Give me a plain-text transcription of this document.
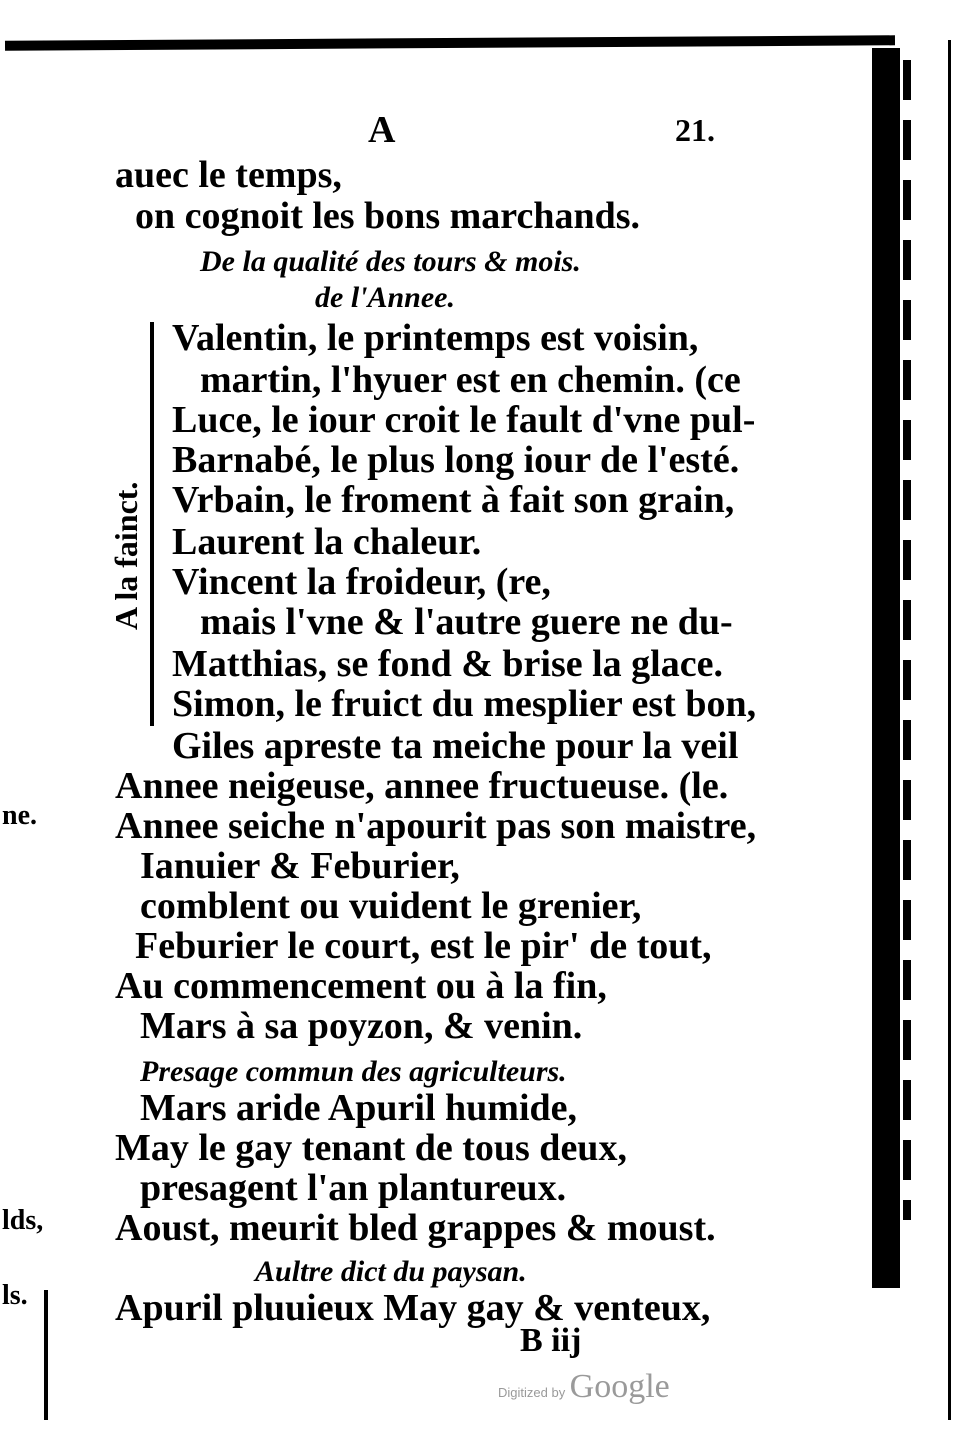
A	21.
A la fainct.
ne.
lds,
ls.
auec le temps,
on cognoit les bons marchands.
De la qualité des tours & mois.
de l'Annee.
Valentin, le printemps est voisin,
martin, l'hyuer est en chemin. (ce
Luce, le iour croit le fault d'vne pul-
Barnabé, le plus long iour de l'esté.
Vrbain, le froment à fait son grain,
Laurent la chaleur.
Vincent la froideur, (re,
mais l'vne & l'autre guere ne du-
Matthias, se fond & brise la glace.
Simon, le fruict du mesplier est bon,
Giles apreste ta meiche pour la veil
Annee neigeuse, annee fructueuse. (le.
Annee seiche n'apourit pas son maistre,
Ianuier & Feburier,
comblent ou vuident le grenier,
Feburier le court, est le pir' de tout,
Au commencement ou à la fin,
Mars à sa poyzon, & venin.
Presage commun des agriculteurs.
Mars aride Apuril humide,
May le gay tenant de tous deux,
presagent l'an plantureux.
Aoust, meurit bled grappes & moust.
Aultre dict du paysan.
Apuril pluuieux May gay & venteux,
B iij
Digitized by Google
